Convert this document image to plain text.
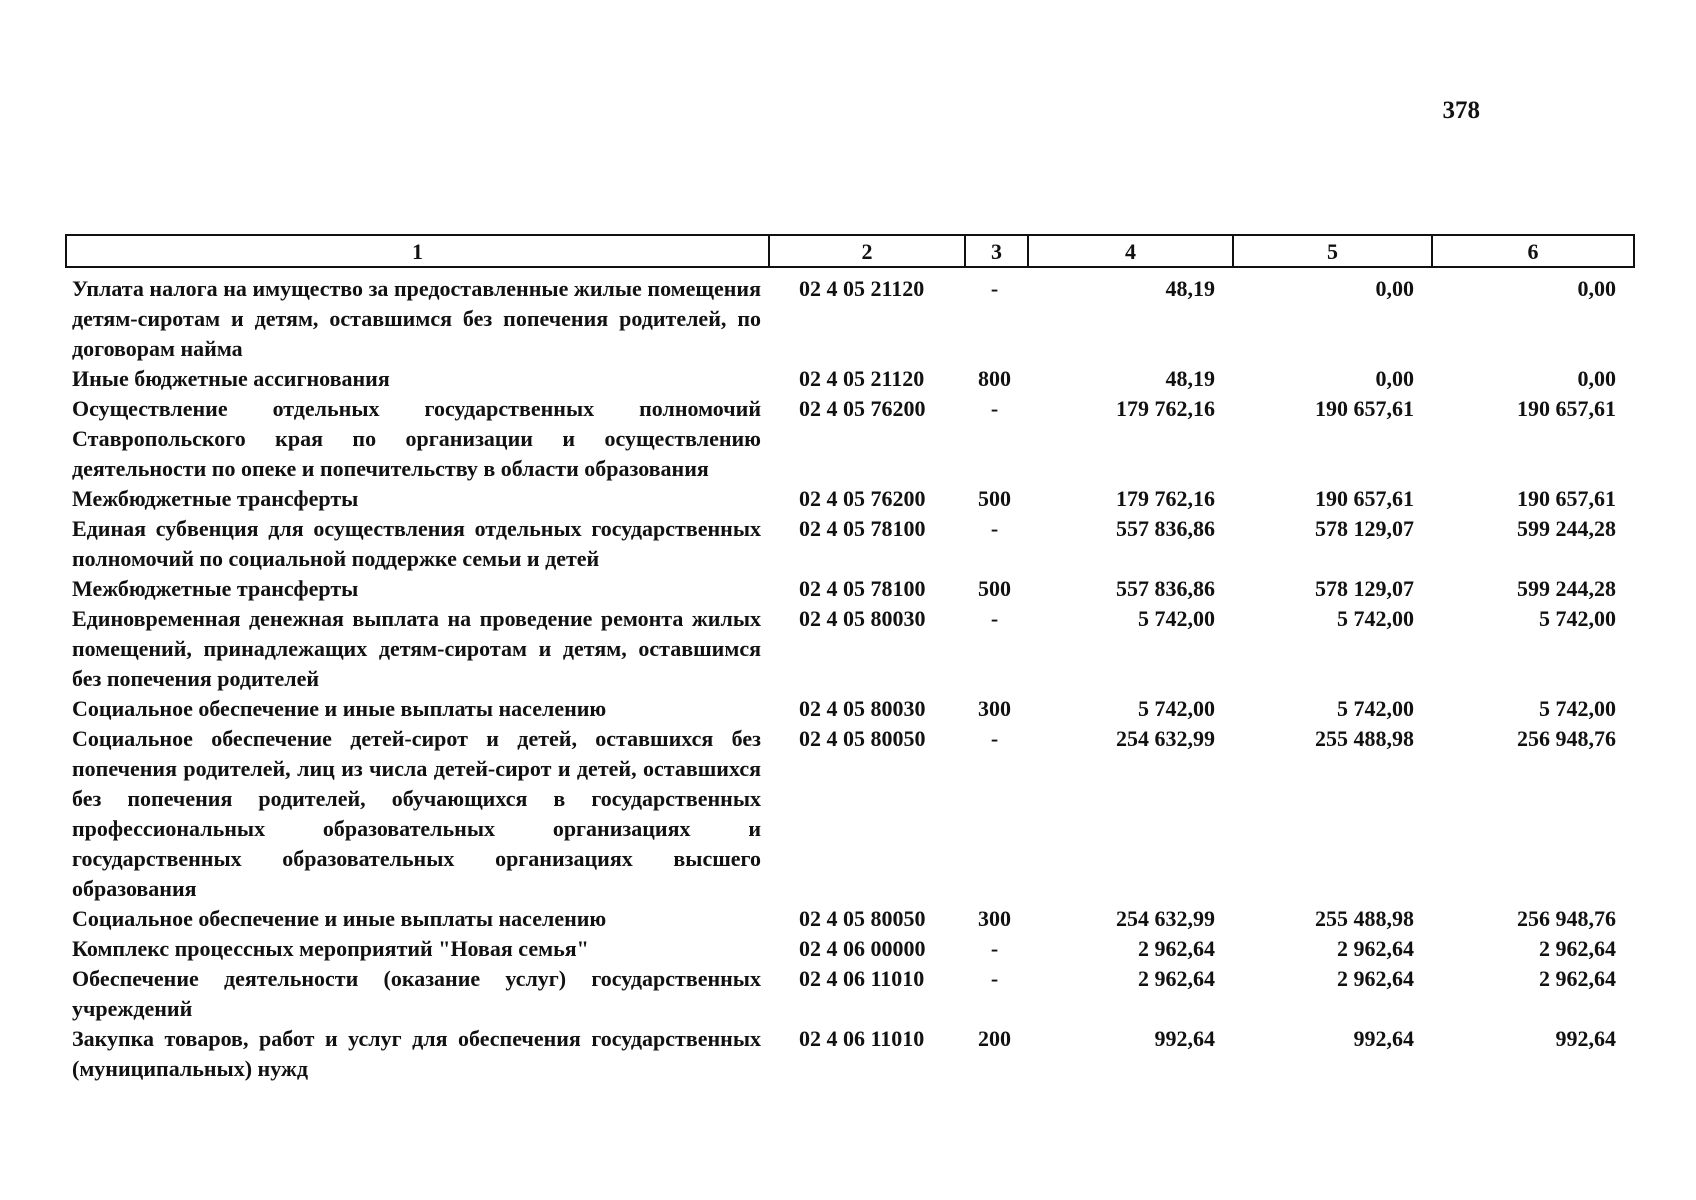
378
1	2	3	4	5	6
Уплата налога на имущество за предоставленные жилые помещения детям-сиротам и детям, оставшимся без попечения родителей, по договорам найма	02 4 05 21120	-	48,19	0,00	0,00
Иные бюджетные ассигнования	02 4 05 21120	800	48,19	0,00	0,00
Осуществление отдельных государственных полномочий Ставропольского края по организации и осуществлению деятельности по опеке и попечительству в области образования	02 4 05 76200	-	179 762,16	190 657,61	190 657,61
Межбюджетные трансферты	02 4 05 76200	500	179 762,16	190 657,61	190 657,61
Единая субвенция для осуществления отдельных государственных полномочий по социальной поддержке семьи и детей	02 4 05 78100	-	557 836,86	578 129,07	599 244,28
Межбюджетные трансферты	02 4 05 78100	500	557 836,86	578 129,07	599 244,28
Единовременная денежная выплата на проведение ремонта жилых помещений, принадлежащих детям-сиротам и детям, оставшимся без попечения родителей	02 4 05 80030	-	5 742,00	5 742,00	5 742,00
Социальное обеспечение и иные выплаты населению	02 4 05 80030	300	5 742,00	5 742,00	5 742,00
Социальное обеспечение детей-сирот и детей, оставшихся без попечения родителей, лиц из числа детей-сирот и детей, оставшихся без попечения родителей, обучающихся в государственных профессиональных образовательных организациях и государственных образовательных организациях высшего образования	02 4 05 80050	-	254 632,99	255 488,98	256 948,76
Социальное обеспечение и иные выплаты населению	02 4 05 80050	300	254 632,99	255 488,98	256 948,76
Комплекс процессных мероприятий "Новая семья"	02 4 06 00000	-	2 962,64	2 962,64	2 962,64
Обеспечение деятельности (оказание услуг) государственных учреждений	02 4 06 11010	-	2 962,64	2 962,64	2 962,64
Закупка товаров, работ и услуг для обеспечения государственных (муниципальных) нужд	02 4 06 11010	200	992,64	992,64	992,64
